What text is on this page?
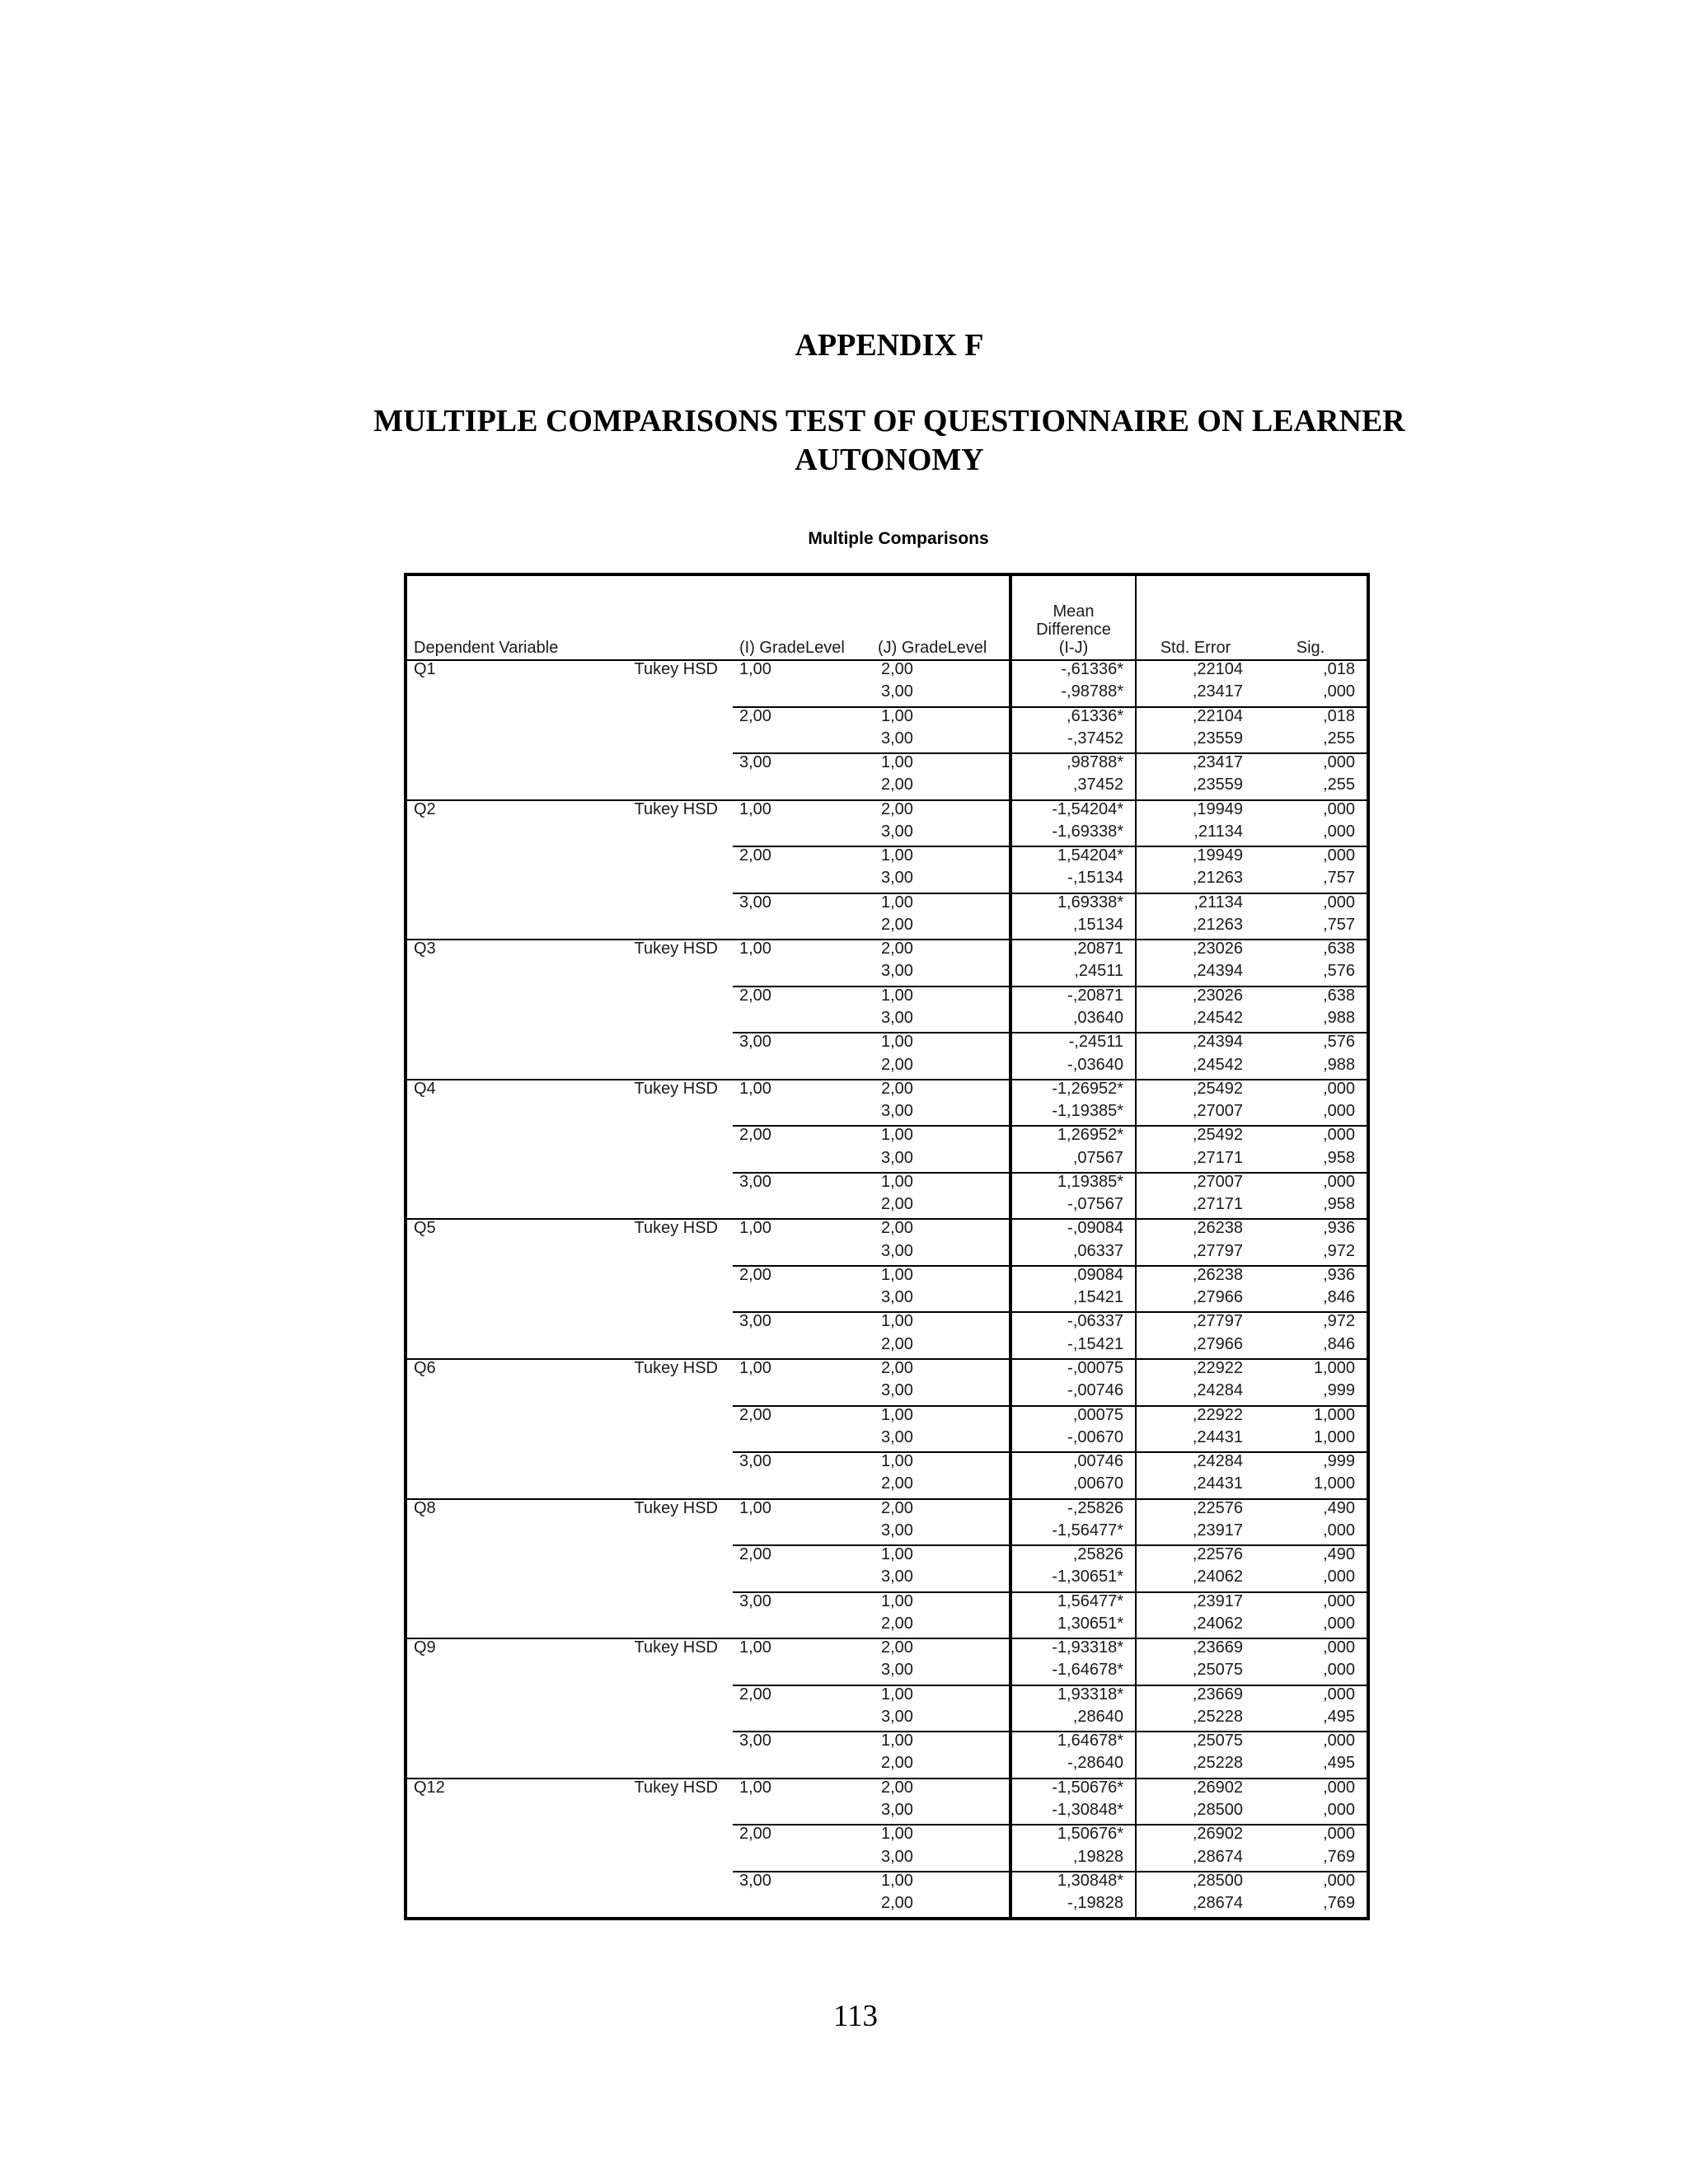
APPENDIX F
MULTIPLE COMPARISONS TEST OF QUESTIONNAIRE ON LEARNER
AUTONOMY
Multiple Comparisons
Dependent Variable		(I) GradeLevel	(J) GradeLevel	Mean
Difference
(I-J)	Std. Error	Sig.
Q1	Tukey HSD	1,00	2,00	-,61336*	,22104	,018
			3,00	-,98788*	,23417	,000
		2,00	1,00	,61336*	,22104	,018
			3,00	-,37452	,23559	,255
		3,00	1,00	,98788*	,23417	,000
			2,00	,37452	,23559	,255
Q2	Tukey HSD	1,00	2,00	-1,54204*	,19949	,000
			3,00	-1,69338*	,21134	,000
		2,00	1,00	1,54204*	,19949	,000
			3,00	-,15134	,21263	,757
		3,00	1,00	1,69338*	,21134	,000
			2,00	,15134	,21263	,757
Q3	Tukey HSD	1,00	2,00	,20871	,23026	,638
			3,00	,24511	,24394	,576
		2,00	1,00	-,20871	,23026	,638
			3,00	,03640	,24542	,988
		3,00	1,00	-,24511	,24394	,576
			2,00	-,03640	,24542	,988
Q4	Tukey HSD	1,00	2,00	-1,26952*	,25492	,000
			3,00	-1,19385*	,27007	,000
		2,00	1,00	1,26952*	,25492	,000
			3,00	,07567	,27171	,958
		3,00	1,00	1,19385*	,27007	,000
			2,00	-,07567	,27171	,958
Q5	Tukey HSD	1,00	2,00	-,09084	,26238	,936
			3,00	,06337	,27797	,972
		2,00	1,00	,09084	,26238	,936
			3,00	,15421	,27966	,846
		3,00	1,00	-,06337	,27797	,972
			2,00	-,15421	,27966	,846
Q6	Tukey HSD	1,00	2,00	-,00075	,22922	1,000
			3,00	-,00746	,24284	,999
		2,00	1,00	,00075	,22922	1,000
			3,00	-,00670	,24431	1,000
		3,00	1,00	,00746	,24284	,999
			2,00	,00670	,24431	1,000
Q8	Tukey HSD	1,00	2,00	-,25826	,22576	,490
			3,00	-1,56477*	,23917	,000
		2,00	1,00	,25826	,22576	,490
			3,00	-1,30651*	,24062	,000
		3,00	1,00	1,56477*	,23917	,000
			2,00	1,30651*	,24062	,000
Q9	Tukey HSD	1,00	2,00	-1,93318*	,23669	,000
			3,00	-1,64678*	,25075	,000
		2,00	1,00	1,93318*	,23669	,000
			3,00	,28640	,25228	,495
		3,00	1,00	1,64678*	,25075	,000
			2,00	-,28640	,25228	,495
Q12	Tukey HSD	1,00	2,00	-1,50676*	,26902	,000
			3,00	-1,30848*	,28500	,000
		2,00	1,00	1,50676*	,26902	,000
			3,00	,19828	,28674	,769
		3,00	1,00	1,30848*	,28500	,000
			2,00	-,19828	,28674	,769
113
